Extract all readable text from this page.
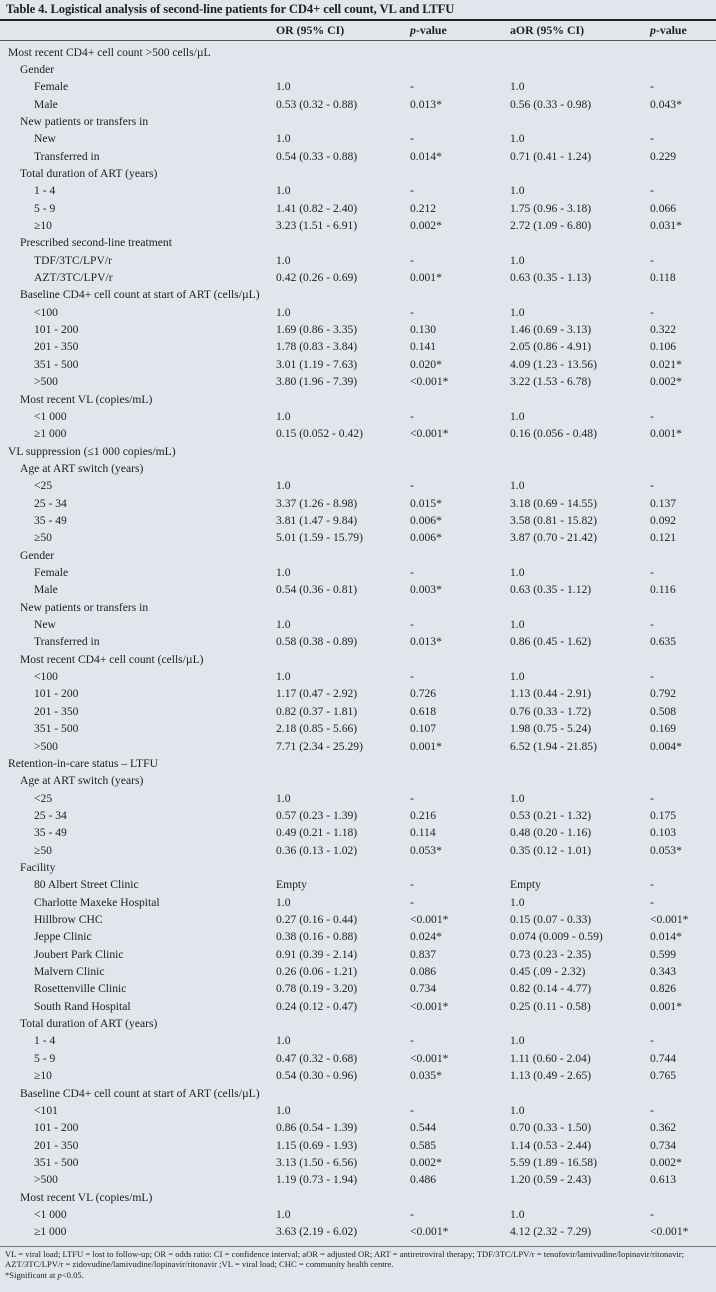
Table 4. Logistical analysis of second-line patients for CD4+ cell count, VL and LTFU
OR (95% CI)	p-value	aOR (95% CI)	p-value
Most recent CD4+ cell count >500 cells/µL
Gender
Female	1.0	-	1.0	-
Male	0.53 (0.32 - 0.88)	0.013*	0.56 (0.33 - 0.98)	0.043*
New patients or transfers in
New	1.0	-	1.0	-
Transferred in	0.54 (0.33 - 0.88)	0.014*	0.71 (0.41 - 1.24)	0.229
Total duration of ART (years)
1 - 4	1.0	-	1.0	-
5 - 9	1.41 (0.82 - 2.40)	0.212	1.75 (0.96 - 3.18)	0.066
≥10	3.23 (1.51 - 6.91)	0.002*	2.72 (1.09 - 6.80)	0.031*
Prescribed second-line treatment
TDF/3TC/LPV/r	1.0	-	1.0	-
AZT/3TC/LPV/r	0.42 (0.26 - 0.69)	0.001*	0.63 (0.35 - 1.13)	0.118
Baseline CD4+ cell count at start of ART (cells/µL)
<100	1.0	-	1.0	-
101 - 200	1.69 (0.86 - 3.35)	0.130	1.46 (0.69 - 3.13)	0.322
201 - 350	1.78 (0.83 - 3.84)	0.141	2.05 (0.86 - 4.91)	0.106
351 - 500	3.01 (1.19 - 7.63)	0.020*	4.09 (1.23 - 13.56)	0.021*
>500	3.80 (1.96 - 7.39)	<0.001*	3.22 (1.53 - 6.78)	0.002*
Most recent VL (copies/mL)
<1 000	1.0	-	1.0	-
≥1 000	0.15 (0.052 - 0.42)	<0.001*	0.16 (0.056 - 0.48)	0.001*
VL suppression (≤1 000 copies/mL)
Age at ART switch (years)
<25	1.0	-	1.0	-
25 - 34	3.37 (1.26 - 8.98)	0.015*	3.18 (0.69 - 14.55)	0.137
35 - 49	3.81 (1.47 - 9.84)	0.006*	3.58 (0.81 - 15.82)	0.092
≥50	5.01 (1.59 - 15.79)	0.006*	3.87 (0.70 - 21.42)	0.121
Gender
Female	1.0	-	1.0	-
Male	0.54 (0.36 - 0.81)	0.003*	0.63 (0.35 - 1.12)	0.116
New patients or transfers in
New	1.0	-	1.0	-
Transferred in	0.58 (0.38 - 0.89)	0.013*	0.86 (0.45 - 1.62)	0.635
Most recent CD4+ cell count (cells/µL)
<100	1.0	-	1.0	-
101 - 200	1.17 (0.47 - 2.92)	0.726	1.13 (0.44 - 2.91)	0.792
201 - 350	0.82 (0.37 - 1.81)	0.618	0.76 (0.33 - 1.72)	0.508
351 - 500	2.18 (0.85 - 5.66)	0.107	1.98 (0.75 - 5.24)	0.169
>500	7.71 (2.34 - 25.29)	0.001*	6.52 (1.94 - 21.85)	0.004*
Retention-in-care status – LTFU
Age at ART switch (years)
<25	1.0	-	1.0	-
25 - 34	0.57 (0.23 - 1.39)	0.216	0.53 (0.21 - 1.32)	0.175
35 - 49	0.49 (0.21 - 1.18)	0.114	0.48 (0.20 - 1.16)	0.103
≥50	0.36 (0.13 - 1.02)	0.053*	0.35 (0.12 - 1.01)	0.053*
Facility
80 Albert Street Clinic	Empty	-	Empty	-
Charlotte Maxeke Hospital	1.0	-	1.0	-
Hillbrow CHC	0.27 (0.16 - 0.44)	<0.001*	0.15 (0.07 - 0.33)	<0.001*
Jeppe Clinic	0.38 (0.16 - 0.88)	0.024*	0.074 (0.009 - 0.59)	0.014*
Joubert Park Clinic	0.91 (0.39 - 2.14)	0.837	0.73 (0.23 - 2.35)	0.599
Malvern Clinic	0.26 (0.06 - 1.21)	0.086	0.45 (.09 - 2.32)	0.343
Rosettenville Clinic	0.78 (0.19 - 3.20)	0.734	0.82 (0.14 - 4.77)	0.826
South Rand Hospital	0.24 (0.12 - 0.47)	<0.001*	0.25 (0.11 - 0.58)	0.001*
Total duration of ART (years)
1 - 4	1.0	-	1.0	-
5 - 9	0.47 (0.32 - 0.68)	<0.001*	1.11 (0.60 - 2.04)	0.744
≥10	0.54 (0.30 - 0.96)	0.035*	1.13 (0.49 - 2.65)	0.765
Baseline CD4+ cell count at start of ART (cells/µL)
<101	1.0	-	1.0	-
101 - 200	0.86 (0.54 - 1.39)	0.544	0.70 (0.33 - 1.50)	0.362
201 - 350	1.15 (0.69 - 1.93)	0.585	1.14 (0.53 - 2.44)	0.734
351 - 500	3.13 (1.50 - 6.56)	0.002*	5.59 (1.89 - 16.58)	0.002*
>500	1.19 (0.73 - 1.94)	0.486	1.20 (0.59 - 2.43)	0.613
Most recent VL (copies/mL)
<1 000	1.0	-	1.0	-
≥1 000	3.63 (2.19 - 6.02)	<0.001*	4.12 (2.32 - 7.29)	<0.001*
VL = viral load; LTFU = lost to follow-up; OR = odds ratio: CI = confidence interval; aOR = adjusted OR; ART = antiretroviral therapy; TDF/3TC/LPV/r = tenofovir/lamivudine/lopinavir/ritonavir; AZT/3TC/LPV/r = zidovudine/lamivudine/lopinavir/ritonavir ;VL = viral load; CHC = community health centre.
*Significant at p<0.05.
